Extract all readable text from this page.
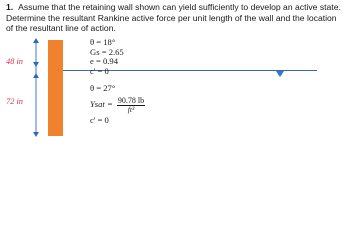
1. Assume that the retaining wall shown can yield sufficiently to develop an active state. Determine the resultant Rankine active force per unit length of the wall and the location of the resultant line of action.

48 in
72 in
θ = 18°
Gs = 2.65
e = 0.94
c' = 0
θ = 27°
Ysat = $\frac{90.78 lb}{\text{ft³}}$
c' = 0
